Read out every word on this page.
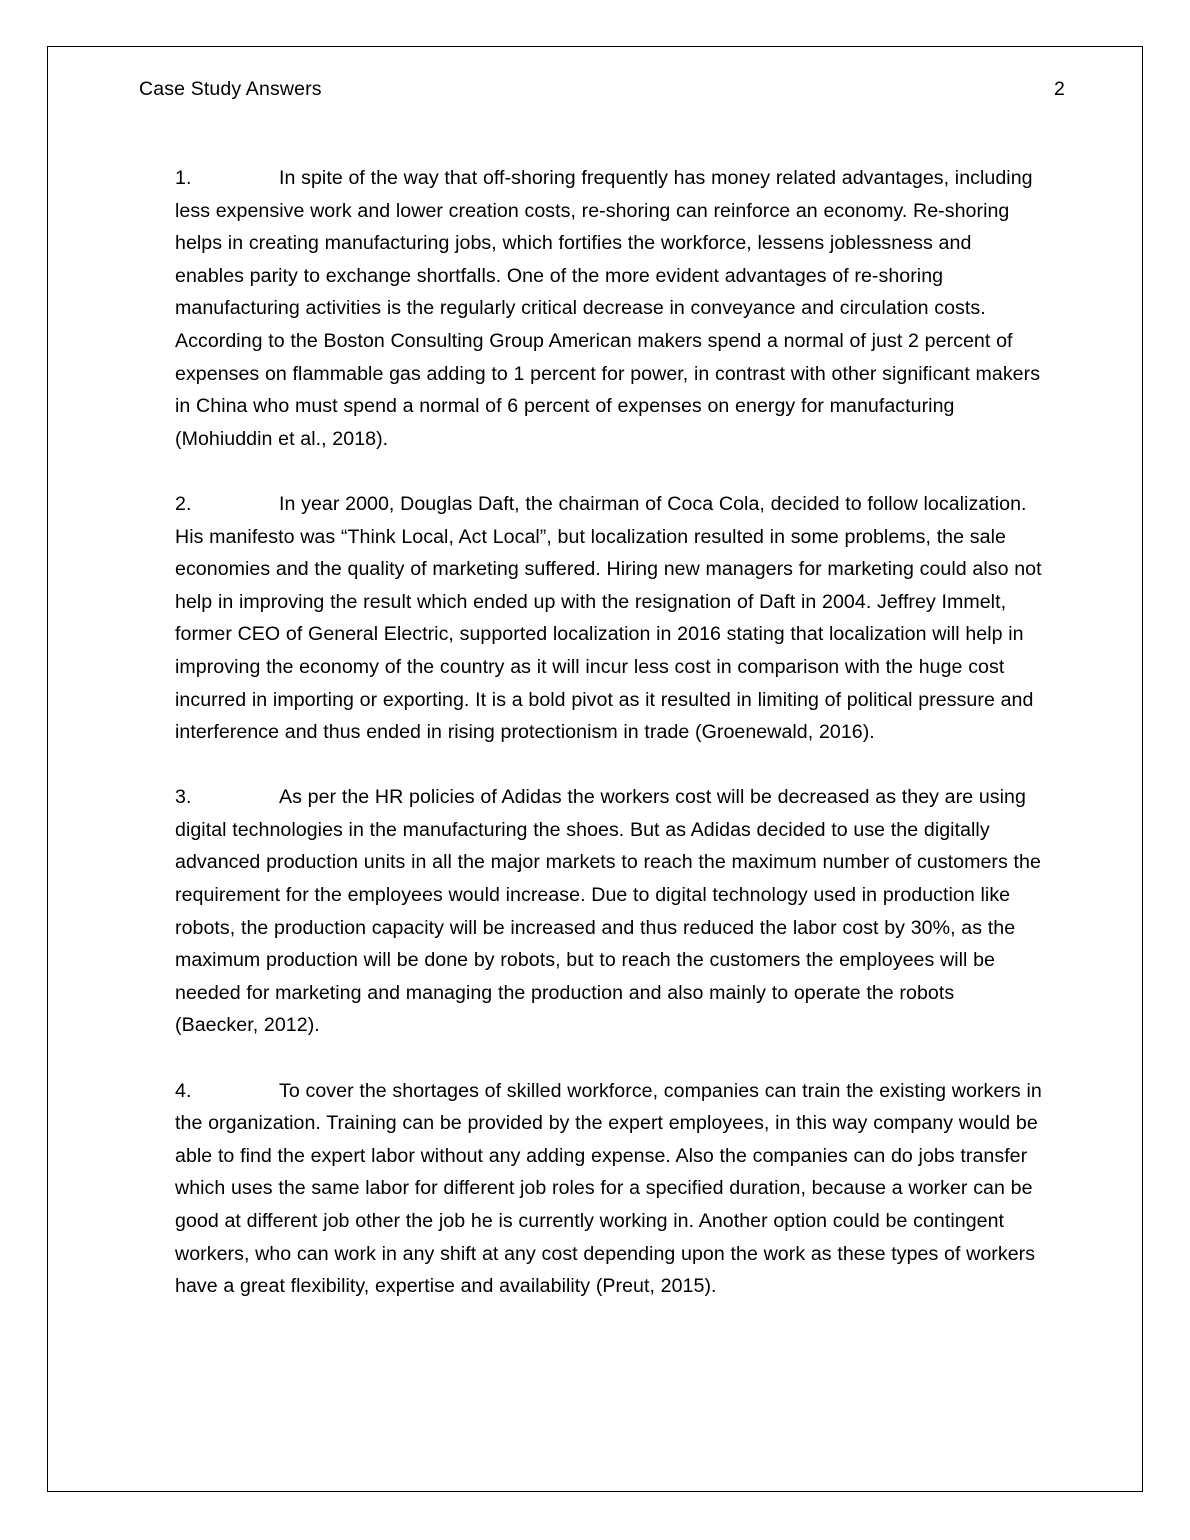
Case Study Answers	2

1.	In spite of the way that off-shoring frequently has money related advantages, including less expensive work and lower creation costs, re-shoring can reinforce an economy. Re-shoring helps in creating manufacturing jobs, which fortifies the workforce, lessens joblessness and enables parity to exchange shortfalls. One of the more evident advantages of re-shoring manufacturing activities is the regularly critical decrease in conveyance and circulation costs. According to the Boston Consulting Group American makers spend a normal of just 2 percent of expenses on flammable gas adding to 1 percent for power, in contrast with other significant makers in China who must spend a normal of 6 percent of expenses on energy for manufacturing (Mohiuddin et al., 2018).

2.	In year 2000, Douglas Daft, the chairman of Coca Cola, decided to follow localization. His manifesto was “Think Local, Act Local”, but localization resulted in some problems, the sale economies and the quality of marketing suffered. Hiring new managers for marketing could also not help in improving the result which ended up with the resignation of Daft in 2004. Jeffrey Immelt, former CEO of General Electric, supported localization in 2016 stating that localization will help in improving the economy of the country as it will incur less cost in comparison with the huge cost incurred in importing or exporting. It is a bold pivot as it resulted in limiting of political pressure and interference and thus ended in rising protectionism in trade (Groenewald, 2016).

3.	As per the HR policies of Adidas the workers cost will be decreased as they are using digital technologies in the manufacturing the shoes. But as Adidas decided to use the digitally advanced production units in all the major markets to reach the maximum number of customers the requirement for the employees would increase. Due to digital technology used in production like robots, the production capacity will be increased and thus reduced the labor cost by 30%, as the maximum production will be done by robots, but to reach the customers the employees will be needed for marketing and managing the production and also mainly to operate the robots (Baecker, 2012).

4.	To cover the shortages of skilled workforce, companies can train the existing workers in the organization. Training can be provided by the expert employees, in this way company would be able to find the expert labor without any adding expense. Also the companies can do jobs transfer which uses the same labor for different job roles for a specified duration, because a worker can be good at different job other the job he is currently working in. Another option could be contingent workers, who can work in any shift at any cost depending upon the work as these types of workers have a great flexibility, expertise and availability (Preut, 2015).
